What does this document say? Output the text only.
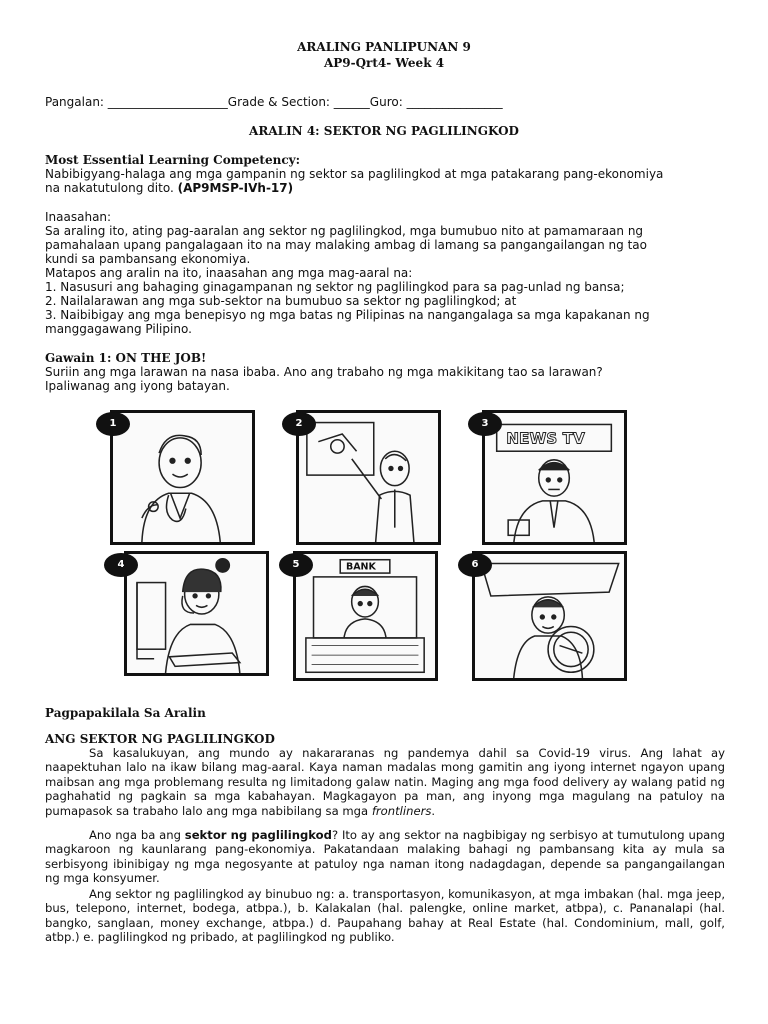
ARALING PANLIPUNAN 9
AP9-Qrt4- Week 4
Pangalan: ____________________Grade & Section: ______Guro: ________________
ARALIN 4: SEKTOR NG PAGLILINGKOD
Most Essential Learning Competency:
Nabibigyang-halaga ang mga gampanin ng sektor sa paglilingkod at mga patakarang pang-ekonomiya
na nakatutulong dito. (AP9MSP-IVh-17)
Inaasahan:
Sa araling ito, ating pag-aaralan ang sektor ng paglilingkod, mga bumubuo nito at pamamaraan ng
pamahalaan upang pangalagaan ito na may malaking ambag di lamang sa pangangailangan ng tao
kundi sa pambansang ekonomiya.
Matapos ang aralin na ito, inaasahan ang mga mag-aaral na:
1. Nasusuri ang bahaging ginagampanan ng sektor ng paglilingkod para sa pag-unlad ng bansa;
2. Nailalarawan ang mga sub-sektor na bumubuo sa sektor ng paglilingkod; at
3. Naibibigay ang mga benepisyo ng mga batas ng Pilipinas na nangangalaga sa mga kapakanan ng
manggagawang Pilipino.
Gawain 1: ON THE JOB!
Suriin ang mga larawan na nasa ibaba. Ano ang trabaho ng mga makikitang tao sa larawan?
Ipaliwanag ang iyong batayan.
1	2
NEWS TV
3
4	BANK
5	6
Pagpapakilala Sa Aralin
ANG SEKTOR NG PAGLILINGKOD
Sa kasalukuyan, ang mundo ay nakararanas ng pandemya dahil sa Covid-19 virus. Ang lahat ay naapektuhan lalo na ikaw bilang mag-aaral. Kaya naman madalas mong gamitin ang iyong internet ngayon upang maibsan ang mga problemang resulta ng limitadong galaw natin. Maging ang mga food delivery ay walang patid ng paghahatid ng pagkain sa mga kabahayan. Magkagayon pa man, ang inyong mga magulang na patuloy na pumapasok sa trabaho lalo ang mga nabibilang sa mga frontliners.
Ano nga ba ang sektor ng paglilingkod? Ito ay ang sektor na nagbibigay ng serbisyo at tumutulong upang magkaroon ng kaunlarang pang-ekonomiya. Pakatandaan malaking bahagi ng pambansang kita ay mula sa serbisyong ibinibigay ng mga negosyante at patuloy nga naman itong nadagdagan, depende sa pangangailangan ng mga konsyumer.
Ang sektor ng paglilingkod ay binubuo ng: a. transportasyon, komunikasyon, at mga imbakan (hal. mga jeep, bus, telepono, internet, bodega, atbpa.), b. Kalakalan (hal. palengke, online market, atbpa), c. Pananalapi (hal. bangko, sanglaan, money exchange, atbpa.) d. Paupahang bahay at Real Estate (hal. Condominium, mall, golf, atbp.) e. paglilingkod ng pribado, at paglilingkod ng publiko.
